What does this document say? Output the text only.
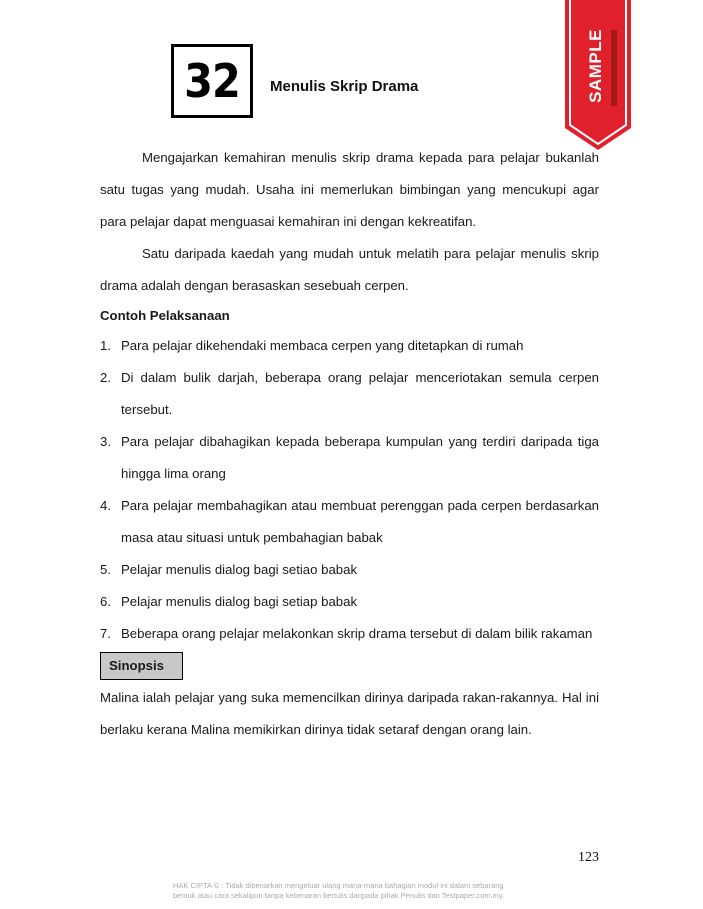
32 Menulis Skrip Drama	SAMPLE

Mengajarkan kemahiran menulis skrip drama kepada para pelajar bukanlah satu tugas yang mudah. Usaha ini memerlukan bimbingan yang mencukupi agar para pelajar dapat menguasai kemahiran ini dengan kekreatifan.

Satu daripada kaedah yang mudah untuk melatih para pelajar menulis skrip drama adalah dengan berasaskan sesebuah cerpen.

Contoh Pelaksanaan

1. Para pelajar dikehendaki membaca cerpen yang ditetapkan di rumah
2. Di dalam bulik darjah, beberapa orang pelajar menceriotakan semula cerpen tersebut.
3. Para pelajar dibahagikan kepada beberapa kumpulan yang terdiri daripada tiga hingga lima orang
4. Para pelajar membahagikan atau membuat perenggan pada cerpen berdasarkan masa atau situasi untuk pembahagian babak
5. Pelajar menulis dialog bagi setiao babak
6. Pelajar menulis dialog bagi setiap babak
7. Beberapa orang pelajar melakonkan skrip drama tersebut di dalam bilik rakaman
Sinopsis

Malina ialah pelajar yang suka memencilkan dirinya daripada rakan-rakannya. Hal ini berlaku kerana Malina memikirkan dirinya tidak setaraf dengan orang lain.

123
HAK CIPTA © : Tidak dibenarkan mengeluar ulang mana-mana bahagian modul ini dalam sebarang
bentuk atau cara sekalipun tanpa kebenaran bertulis daripada pihak Penulis dan Testpaper.com.my.
